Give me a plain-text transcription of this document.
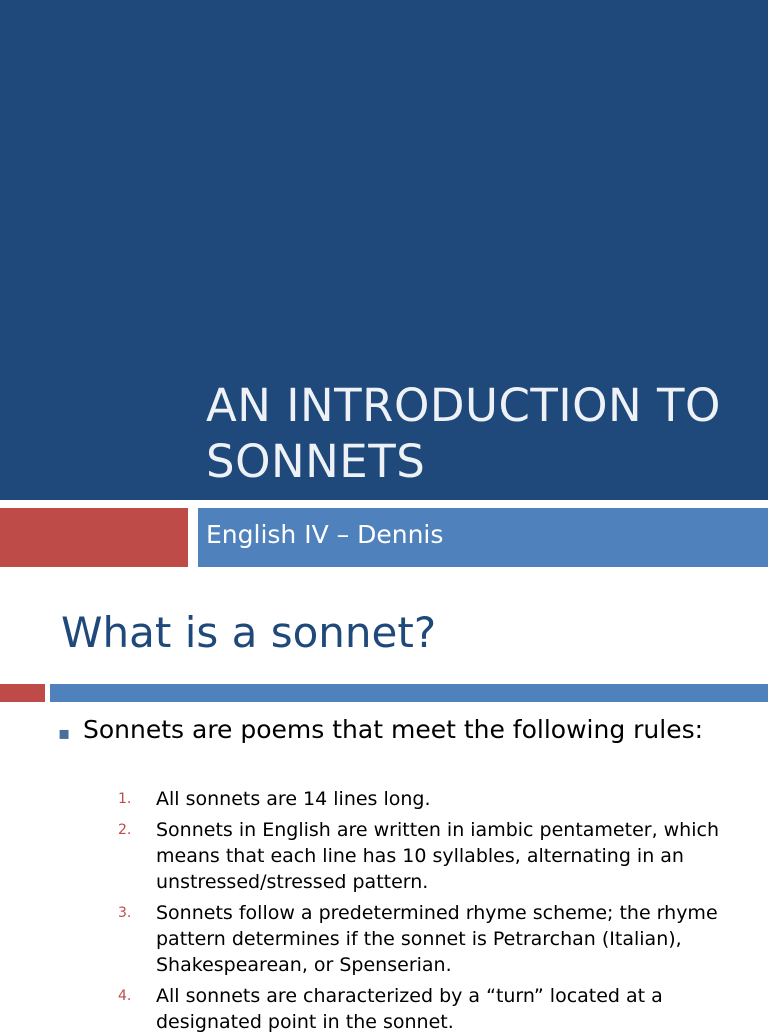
AN INTRODUCTION TO
SONNETS
English IV – Dennis
What is a sonnet?
▪ Sonnets are poems that meet the following rules:

1. All sonnets are 14 lines long.

2. Sonnets in English are written in iambic pentameter, which means that each line has 10 syllables, alternating in an unstressed/stressed pattern.

3. Sonnets follow a predetermined rhyme scheme; the rhyme pattern determines if the sonnet is Petrarchan (Italian), Shakespearean, or Spenserian.

4. All sonnets are characterized by a “turn” located at a designated point in the sonnet.
